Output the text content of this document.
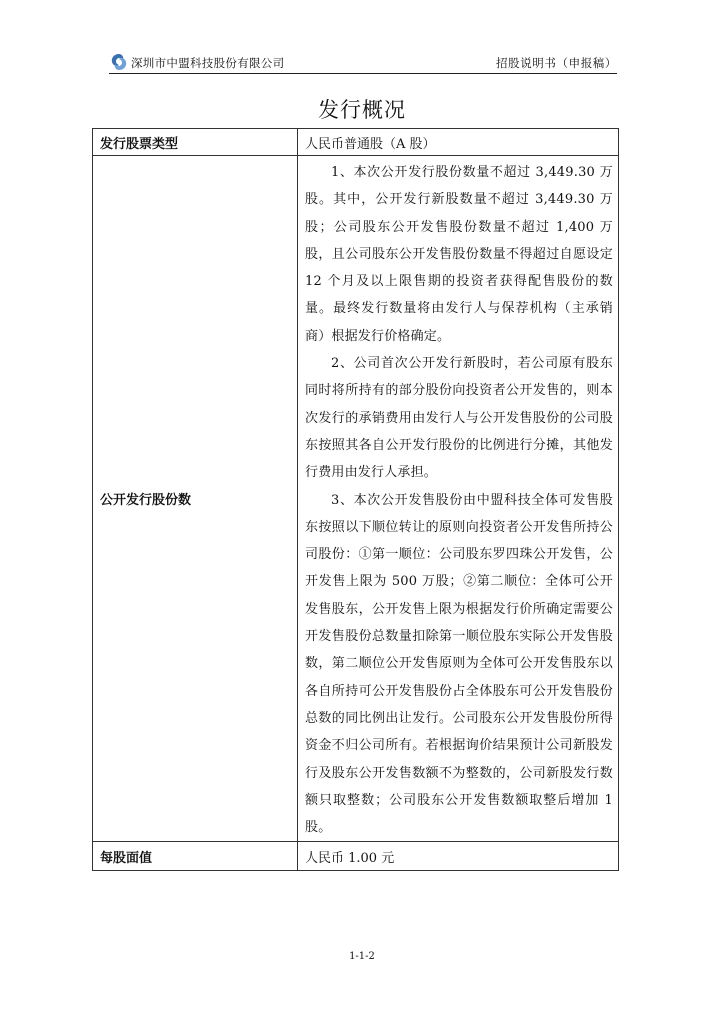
深圳市中盟科技股份有限公司	招股说明书（申报稿）
发行概况
发行股票类型	人民币普通股（A 股）
公开发行股份数	1、本次公开发行股份数量不超过 3,449.30 万股。其中，公开发行新股数量不超过 3,449.30 万股；公司股东公开发售股份数量不超过 1,400 万股，且公司股东公开发售股份数量不得超过自愿设定 12 个月及以上限售期的投资者获得配售股份的数量。最终发行数量将由发行人与保荐机构（主承销商）根据发行价格确定。

2、公司首次公开发行新股时，若公司原有股东同时将所持有的部分股份向投资者公开发售的，则本次发行的承销费用由发行人与公开发售股份的公司股东按照其各自公开发行股份的比例进行分摊，其他发行费用由发行人承担。

3、本次公开发售股份由中盟科技全体可发售股东按照以下顺位转让的原则向投资者公开发售所持公司股份：①第一顺位：公司股东罗四珠公开发售，公开发售上限为 500 万股；②第二顺位：全体可公开发售股东，公开发售上限为根据发行价所确定需要公开发售股份总数量扣除第一顺位股东实际公开发售股数，第二顺位公开发售原则为全体可公开发售股东以各自所持可公开发售股份占全体股东可公开发售股份总数的同比例出让发行。公司股东公开发售股份所得资金不归公司所有。若根据询价结果预计公司新股发行及股东公开发售数额不为整数的，公司新股发行数额只取整数；公司股东公开发售数额取整后增加 1 股。

每股面值	人民币 1.00 元
1-1-2
